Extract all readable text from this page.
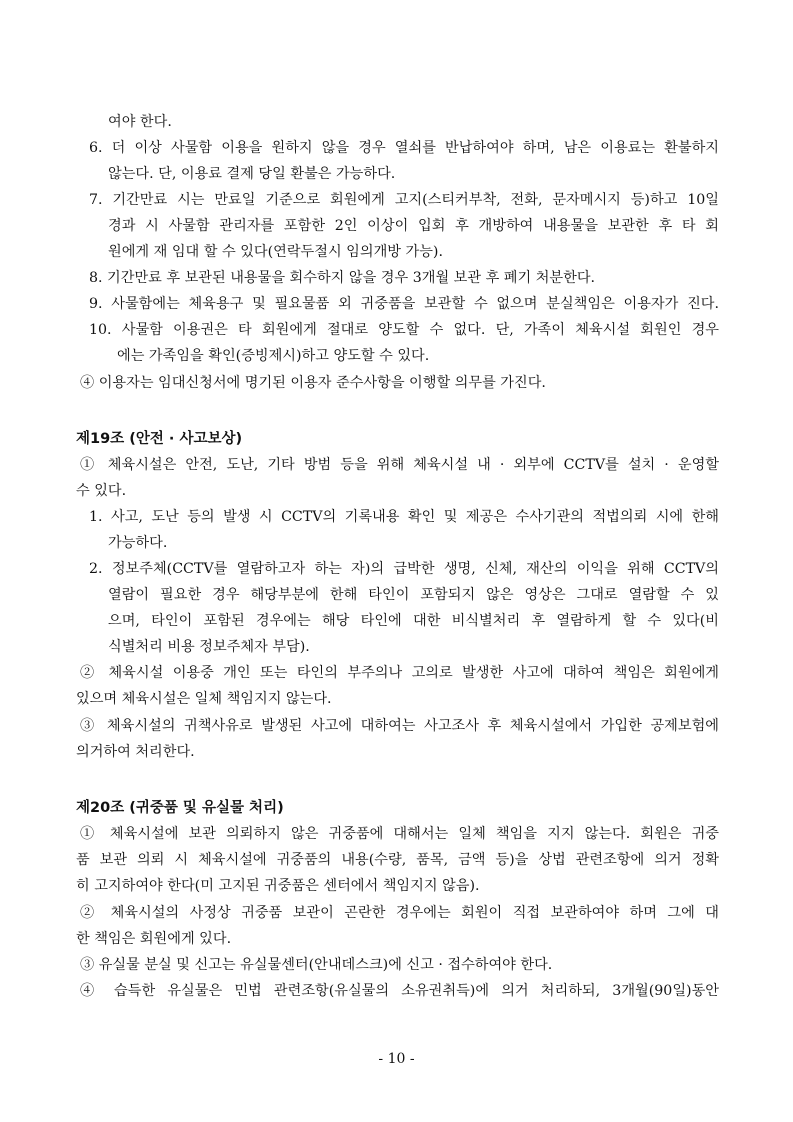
여야 한다.
6. 더 이상 사물함 이용을 원하지 않을 경우 열쇠를 반납하여야 하며, 남은 이용료는 환불하지
않는다. 단, 이용료 결제 당일 환불은 가능하다.
7. 기간만료 시는 만료일 기준으로 회원에게 고지(스티커부착, 전화, 문자메시지 등)하고 10일
경과 시 사물함 관리자를 포함한 2인 이상이 입회 후 개방하여 내용물을 보관한 후 타 회
원에게 재 임대 할 수 있다(연락두절시 임의개방 가능).
8. 기간만료 후 보관된 내용물을 회수하지 않을 경우 3개월 보관 후 폐기 처분한다.
9. 사물함에는 체육용구 및 필요물품 외 귀중품을 보관할 수 없으며 분실책임은 이용자가 진다.
10. 사물함 이용권은 타 회원에게 절대로 양도할 수 없다. 단, 가족이 체육시설 회원인 경우
에는 가족임을 확인(증빙제시)하고 양도할 수 있다.
④ 이용자는 임대신청서에 명기된 이용자 준수사항을 이행할 의무를 가진다.
제19조 (안전 · 사고보상)
① 체육시설은 안전, 도난, 기타 방범 등을 위해 체육시설 내 · 외부에 CCTV를 설치 · 운영할
수 있다.
1. 사고, 도난 등의 발생 시 CCTV의 기록내용 확인 및 제공은 수사기관의 적법의뢰 시에 한해
가능하다.
2. 정보주체(CCTV를 열람하고자 하는 자)의 급박한 생명, 신체, 재산의 이익을 위해 CCTV의
열람이 필요한 경우 해당부분에 한해 타인이 포함되지 않은 영상은 그대로 열람할 수 있
으며, 타인이 포함된 경우에는 해당 타인에 대한 비식별처리 후 열람하게 할 수 있다(비
식별처리 비용 정보주체자 부담).
② 체육시설 이용중 개인 또는 타인의 부주의나 고의로 발생한 사고에 대하여 책임은 회원에게
있으며 체육시설은 일체 책임지지 않는다.
③ 체육시설의 귀책사유로 발생된 사고에 대하여는 사고조사 후 체육시설에서 가입한 공제보험에
의거하여 처리한다.
제20조 (귀중품 및 유실물 처리)
① 체육시설에 보관 의뢰하지 않은 귀중품에 대해서는 일체 책임을 지지 않는다. 회원은 귀중
품 보관 의뢰 시 체육시설에 귀중품의 내용(수량, 품목, 금액 등)을 상법 관련조항에 의거 정확
히 고지하여야 한다(미 고지된 귀중품은 센터에서 책임지지 않음).
② 체육시설의 사정상 귀중품 보관이 곤란한 경우에는 회원이 직접 보관하여야 하며 그에 대
한 책임은 회원에게 있다.
③ 유실물 분실 및 신고는 유실물센터(안내데스크)에 신고 · 접수하여야 한다.
④ 습득한 유실물은 민법 관련조항(유실물의 소유권취득)에 의거 처리하되, 3개월(90일)동안
- 10 -
